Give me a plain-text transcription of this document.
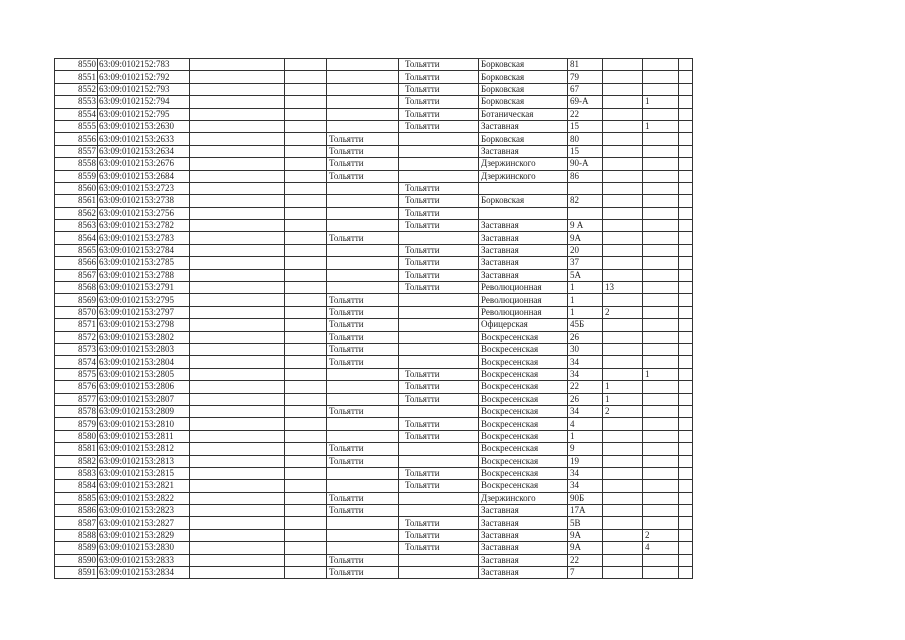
8550	63:09:0102152:783				Тольятти	Борковская	81			
8551	63:09:0102152:792				Тольятти	Борковская	79			
8552	63:09:0102152:793				Тольятти	Борковская	67			
8553	63:09:0102152:794				Тольятти	Борковская	69-А		1	
8554	63:09:0102152:795				Тольятти	Ботаническая	22			
8555	63:09:0102153:2630				Тольятти	Заставная	15		1	
8556	63:09:0102153:2633			Тольятти		Борковская	80			
8557	63:09:0102153:2634			Тольятти		Заставная	15			
8558	63:09:0102153:2676			Тольятти		Дзержинского	90-А			
8559	63:09:0102153:2684			Тольятти		Дзержинского	86			
8560	63:09:0102153:2723				Тольятти					
8561	63:09:0102153:2738				Тольятти	Борковская	82			
8562	63:09:0102153:2756				Тольятти					
8563	63:09:0102153:2782				Тольятти	Заставная	9 А			
8564	63:09:0102153:2783			Тольятти		Заставная	9А			
8565	63:09:0102153:2784				Тольятти	Заставная	20			
8566	63:09:0102153:2785				Тольятти	Заставная	37			
8567	63:09:0102153:2788				Тольятти	Заставная	5А			
8568	63:09:0102153:2791				Тольятти	Революционная	1	13		
8569	63:09:0102153:2795			Тольятти		Революционная	1			
8570	63:09:0102153:2797			Тольятти		Революционная	1	2		
8571	63:09:0102153:2798			Тольятти		Офицерская	45Б			
8572	63:09:0102153:2802			Тольятти		Воскресенская	26			
8573	63:09:0102153:2803			Тольятти		Воскресенская	30			
8574	63:09:0102153:2804			Тольятти		Воскресенская	34			
8575	63:09:0102153:2805				Тольятти	Воскресенская	34		1	
8576	63:09:0102153:2806				Тольятти	Воскресенская	22	1		
8577	63:09:0102153:2807				Тольятти	Воскресенская	26	1		
8578	63:09:0102153:2809			Тольятти		Воскресенская	34	2		
8579	63:09:0102153:2810				Тольятти	Воскресенская	4			
8580	63:09:0102153:2811				Тольятти	Воскресенская	1			
8581	63:09:0102153:2812			Тольятти		Воскресенская	9			
8582	63:09:0102153:2813			Тольятти		Воскресенская	19			
8583	63:09:0102153:2815				Тольятти	Воскресенская	34			
8584	63:09:0102153:2821				Тольятти	Воскресенская	34			
8585	63:09:0102153:2822			Тольятти		Дзержинского	90Б			
8586	63:09:0102153:2823			Тольятти		Заставная	17А			
8587	63:09:0102153:2827				Тольятти	Заставная	5В			
8588	63:09:0102153:2829				Тольятти	Заставная	9А		2	
8589	63:09:0102153:2830				Тольятти	Заставная	9А		4	
8590	63:09:0102153:2833			Тольятти		Заставная	22			
8591	63:09:0102153:2834			Тольятти		Заставная	7			
